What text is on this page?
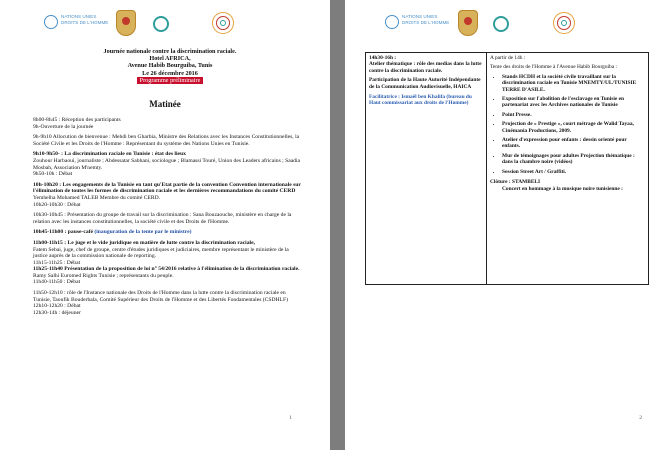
NATIONS UNIES
DROITS DE L'HOMME
Journée nationale contre la discrimination raciale.
Hotel AFRICA,
Avenue Habib Bourguiba, Tunis
Le 26 décembre 2016
Programme préliminaire
Matinée

8h00-8h45 : Réception des participants
9h-Ouverture de la journée

9h-9h10 Allocution de bienvenue : Mehdi ben Gharbia, Ministre des Relations avec les Instances Constitutionnelles, la Société Civile et les Droits de l'Homme : Représentant du système des Nations Unies en Tunisie.

9h10-9h50- : La discrimination raciale en Tunisie : état des lieux
Zouhour Harbaoui, journaliste ; Abdessatar Sabhani, sociologue ; Blamassi Touré, Union des Leaders africains ; Saadia Mosbah, Association M'nemty.
9h50-10h : Débat

10h-10h20 : Les engagements de la Tunisie en tant qu'Etat partie de la convention Convention internationale sur l'élimination de toutes les formes de discrimination raciale et les dernières recommandations du comité CERD
Yemhelha Mohamed TALEB Membre du comité CERD.
10h20-10h30 : Débat

10h30-10h45 : Présentation du groupe de travail sur la discrimination : Sana Bouzaouche, ministère en charge de la relation avec les instances constitutionnelles, la société civile et des Droits de l'Homme.

10h45-11h00 : pause-café (inauguration de la tente par le ministre)

11h00-11h15 : Le juge et le vide juridique en matière de lutte contre la discrimination raciale,
Fatem Sebai, juge, chef de groupe, centre d'études juridiques et judiciaires, membre représentant le ministère de la justice auprès de la commission nationale de reporting.
11h15-11h25 : Débat
11h25-11h40 Présentation de la proposition de loi n° 54/2016 relative à l'élimination de la discrimination raciale.
Ramy Salhi Euromed Rights Tunisie ; représentants du peuple.
11h40-11h50 : Débat

11h50-12h10 : rôle de l'Instance nationale des Droits de l'Homme dans la lutte contre la discrimination raciale en Tunisie, Taoufik Bouderbala, Comité Supérieur des Droits de l'Homme et des Libertés Fondamentales (CSDHLF)
12h10-12h20 : Débat
12h30-14h : déjeuner

1
NATIONS UNIES
DROITS DE L'HOMME
14h30-16h :
Atelier thématique : rôle des medias dans la lutte contre la discrimination raciale.
Participation de la Haute Autorité Indépendante de la Communication Audiovisuelle, HAICA
Facilitatrice : Ismaël ben Khalifa (bureau du Haut commissariat aux droits de l'Homme)

A partir de 14h :
Tente des droits de l'Homme à l'Avenue Habib Bourguiba :
• Stands HCDH et la société civile travaillant sur la discrimination raciale en Tunisie MNEMTY/UL/TUNISIE TERRE D'ASILE.
• Exposition sur l'abolition de l'esclavage en Tunisie en partenariat avec les Archives nationales de Tunisie
• Point Presse.
• Projection de « Prestige », court métrage de Walid Tayaa, Cinémania Productions, 2009.
• Atelier d'expression pour enfants : dessin orienté pour enfants.
• Mur de témoignages pour adultes Projection thématique : dans la chambre noire (vidéos)
• Session Street Art / Graffiti.
Clôture : STAMBELI
Concert en hommage à la musique noire tunisienne :
2
